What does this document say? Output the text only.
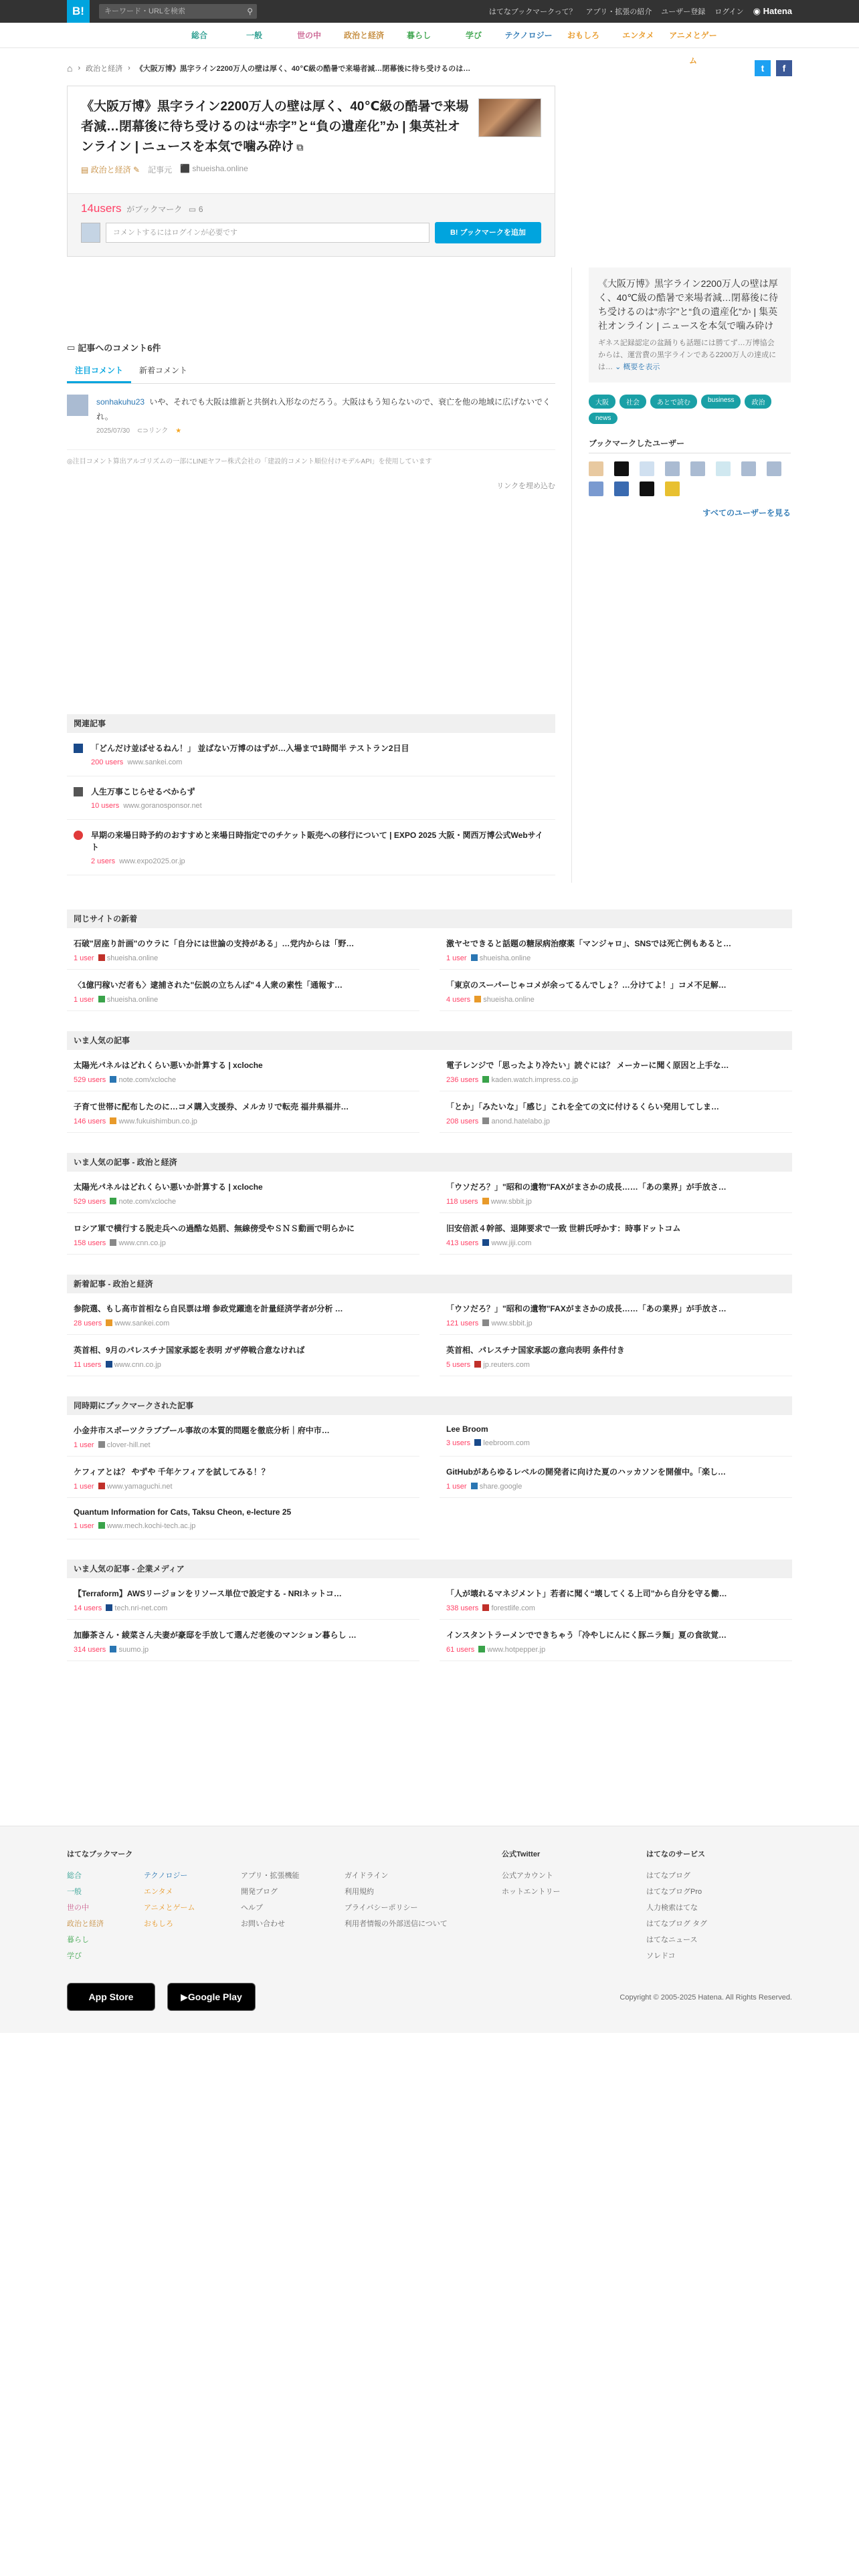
B!	キーワード・URLを検索	⚲	はてなブックマークって？ アプリ・拡張の紹介 ユーザー登録 ログイン ◉ Hatena
総合	一般	世の中	政治と経済	暮らし	学び	テクノロジー	おもしろ	エンタメ	アニメとゲーム
⌂ › 政治と経済 › 《大阪万博》黒字ライン2200万人の壁は厚く、40℃級の酷暑で来場者減…閉幕後に待ち受けるのは…	t	f
《大阪万博》黒字ライン2200万人の壁は厚く、40℃級の酷暑で来場者減…閉幕後に待ち受けるのは“赤字”と“負の遺産化”か | 集英社オンライン | ニュースを本気で噛み砕け ⧉
▤ 政治と経済 ✎ 記事元 ⬛ shueisha.online
14users がブックマーク ▭ 6
コメントするにはログインが必要です	B! ブックマークを追加
▭ 記事へのコメント6件
注目コメント	新着コメント
sonhakuhu23 いや、それでも大阪は維新と共倒れ入形なのだろう。大阪はもう知らないので、衰亡を他の地域に広げないでくれ。
2025/07/30 ⊂⊃リンク ★
◎注目コメント算出アルゴリズムの一部にLINEヤフー株式会社の「建設的コメント順位付けモデルAPI」を使用しています
リンクを埋め込む
関連記事
「どんだけ並ばせるねん！」 並ばない万博のはずが…入場まで1時間半 テストラン2日目
200 users www.sankei.com
人生万事こじらせるべからず
10 users www.goranosponsor.net
早期の来場日時予約のおすすめと来場日時指定でのチケット販売への移行について | EXPO 2025 大阪・関西万博公式Webサイト
2 users www.expo2025.or.jp
《大阪万博》黒字ライン2200万人の壁は厚く、40℃級の酷暑で来場者減…閉幕後に待ち受けるのは“赤字”と“負の遺産化”か | 集英社オンライン | ニュースを本気で噛み砕け
ギネス記録認定の盆踊りも話題には勝てず…万博協会からは、運営費の黒字ラインである2200万人の達成には… ⌄ 概要を表示
大阪	社会	あとで読む	business	政治
news
ブックマークしたユーザー
すべてのユーザーを見る
同じサイトの新着
石破"居座り計画"のウラに「自分には世論の支持がある」…党内からは「野…
1 user shueisha.online
激ヤセできると話題の糖尿病治療薬「マンジャロ」、SNSでは死亡例もあると…
1 user shueisha.online
〈1億円稼いだ者も〉逮捕された"伝説の立ちんぼ"４人衆の素性「通報す…
1 user shueisha.online
「東京のスーパーじゃコメが余ってるんでしょ？…分けてよ！」コメ不足解…
4 users shueisha.online
いま人気の記事
太陽光パネルはどれくらい悪いか計算する | xcloche
529 users note.com/xcloche
電子レンジで「思ったより冷たい」読ぐには？ メーカーに聞く原因と上手な…
236 users kaden.watch.impress.co.jp
子育て世帯に配布したのに…コメ購入支援券、メルカリで転売 福井県福井…
146 users www.fukuishimbun.co.jp
「とか」「みたいな」「感じ」これを全ての文に付けるくらい発用してしま…
208 users anond.hatelabo.jp
いま人気の記事 - 政治と経済
太陽光パネルはどれくらい悪いか計算する | xcloche
529 users note.com/xcloche
「ウソだろ？」"昭和の遺物"FAXがまさかの成長……「あの業界」が手放さ…
118 users www.sbbit.jp
ロシア軍で横行する脱走兵への過酷な処罰、無線傍受やＳＮＳ動画で明らかに
158 users www.cnn.co.jp
旧安倍派４幹部、退陣要求で一致 世耕氏呼かす：時事ドットコム
413 users www.jiji.com
新着記事 - 政治と経済
参院選、もし高市首相なら自民票は増 参政党躍進を計量経済学者が分析 …
28 users www.sankei.com
「ウソだろ？」"昭和の遺物"FAXがまさかの成長……「あの業界」が手放さ…
121 users www.sbbit.jp
英首相、9月のパレスチナ国家承認を表明 ガザ停戦合意なければ
11 users www.cnn.co.jp
英首相、パレスチナ国家承認の意向表明 条件付き
5 users jp.reuters.com
同時期にブックマークされた記事
小金井市スポーツクラブプール事故の本質的問題を徹底分析｜府中市…
1 user clover-hill.net
Lee Broom
3 users leebroom.com
ケフィアとは？ やずや 千年ケフィアを試してみる！？
1 user www.yamaguchi.net
GitHubがあらゆるレベルの開発者に向けた夏のハッカソンを開催中。「楽し…
1 user share.google
Quantum Information for Cats, Taksu Cheon, e-lecture 25
1 user www.mech.kochi-tech.ac.jp
いま人気の記事 - 企業メディア
【Terraform】AWSリージョンをリソース単位で設定する - NRIネットコ…
14 users tech.nri-net.com
「人が壊れるマネジメント」若者に聞く“壊してくる上司”から自分を守る働…
338 users forestlife.com
加藤茶さん・綾菜さん夫妻が豪邸を手放して選んだ老後のマンション暮らし …
314 users suumo.jp
インスタントラーメンでできちゃう「冷やしにんにく豚ニラ麺」夏の食欲覚…
61 users www.hotpepper.jp
はてなブックマーク
総合
一般
世の中
政治と経済
暮らし
学び
テクノロジー
エンタメ
アニメとゲーム
おもしろ
アプリ・拡張機能
開発ブログ
ヘルプ
お問い合わせ
ガイドライン
利用規約
プライバシーポリシー
利用者情報の外部送信について
公式Twitter
公式アカウント
ホットエントリー
はてなのサービス
はてなブログ
はてなブログPro
人力検索はてな
はてなブログ タグ
はてなニュース
ソレドコ
App Store	▶ Google Play	Copyright © 2005-2025 Hatena. All Rights Reserved.
